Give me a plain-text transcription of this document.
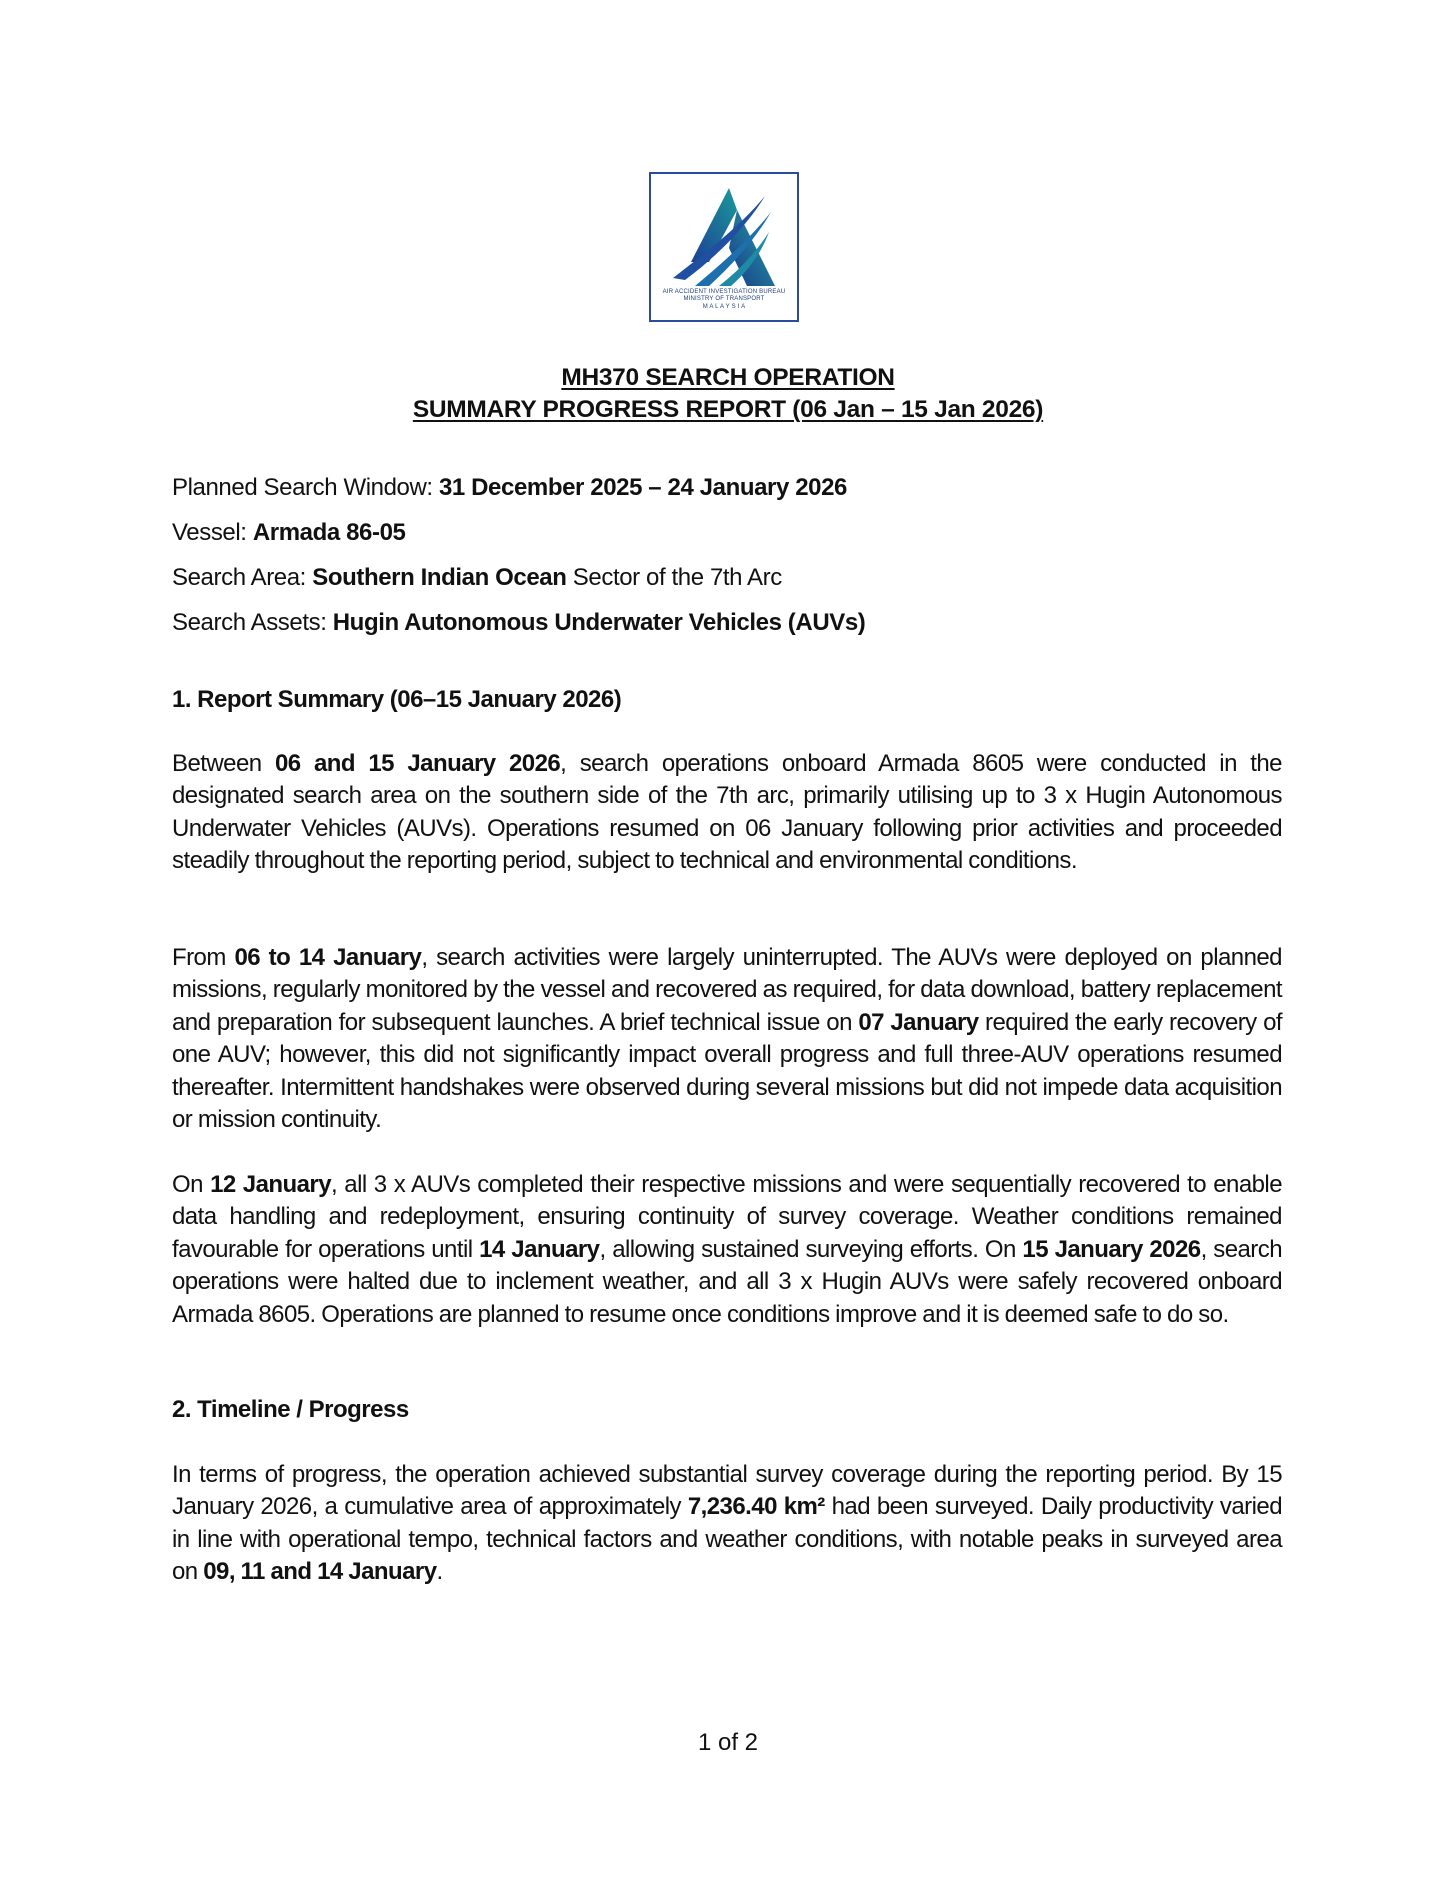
AIR ACCIDENT INVESTIGATION BUREAU
MINISTRY OF TRANSPORT
M A L A Y S I A
MH370 SEARCH OPERATION
SUMMARY PROGRESS REPORT (06 Jan – 15 Jan 2026)
Planned Search Window: 31 December 2025 – 24 January 2026
Vessel: Armada 86-05
Search Area: Southern Indian Ocean Sector of the 7th Arc
Search Assets: Hugin Autonomous Underwater Vehicles (AUVs)
1. Report Summary (06–15 January 2026)
Between 06 and 15 January 2026, search operations onboard Armada 8605 were conducted in the designated search area on the southern side of the 7th arc, primarily utilising up to 3 x Hugin Autonomous Underwater Vehicles (AUVs). Operations resumed on 06 January following prior activities and proceeded steadily throughout the reporting period, subject to technical and environmental conditions.
From 06 to 14 January, search activities were largely uninterrupted. The AUVs were deployed on planned missions, regularly monitored by the vessel and recovered as required, for data download, battery replacement and preparation for subsequent launches. A brief technical issue on 07 January required the early recovery of one AUV; however, this did not significantly impact overall progress and full three-AUV operations resumed thereafter. Intermittent handshakes were observed during several missions but did not impede data acquisition or mission continuity.
On 12 January, all 3 x AUVs completed their respective missions and were sequentially recovered to enable data handling and redeployment, ensuring continuity of survey coverage. Weather conditions remained favourable for operations until 14 January, allowing sustained surveying efforts. On 15 January 2026, search operations were halted due to inclement weather, and all 3 x Hugin AUVs were safely recovered onboard Armada 8605. Operations are planned to resume once conditions improve and it is deemed safe to do so.
2. Timeline / Progress
In terms of progress, the operation achieved substantial survey coverage during the reporting period. By 15 January 2026, a cumulative area of approximately 7,236.40 km² had been surveyed. Daily productivity varied in line with operational tempo, technical factors and weather conditions, with notable peaks in surveyed area on 09, 11 and 14 January.
1 of 2
